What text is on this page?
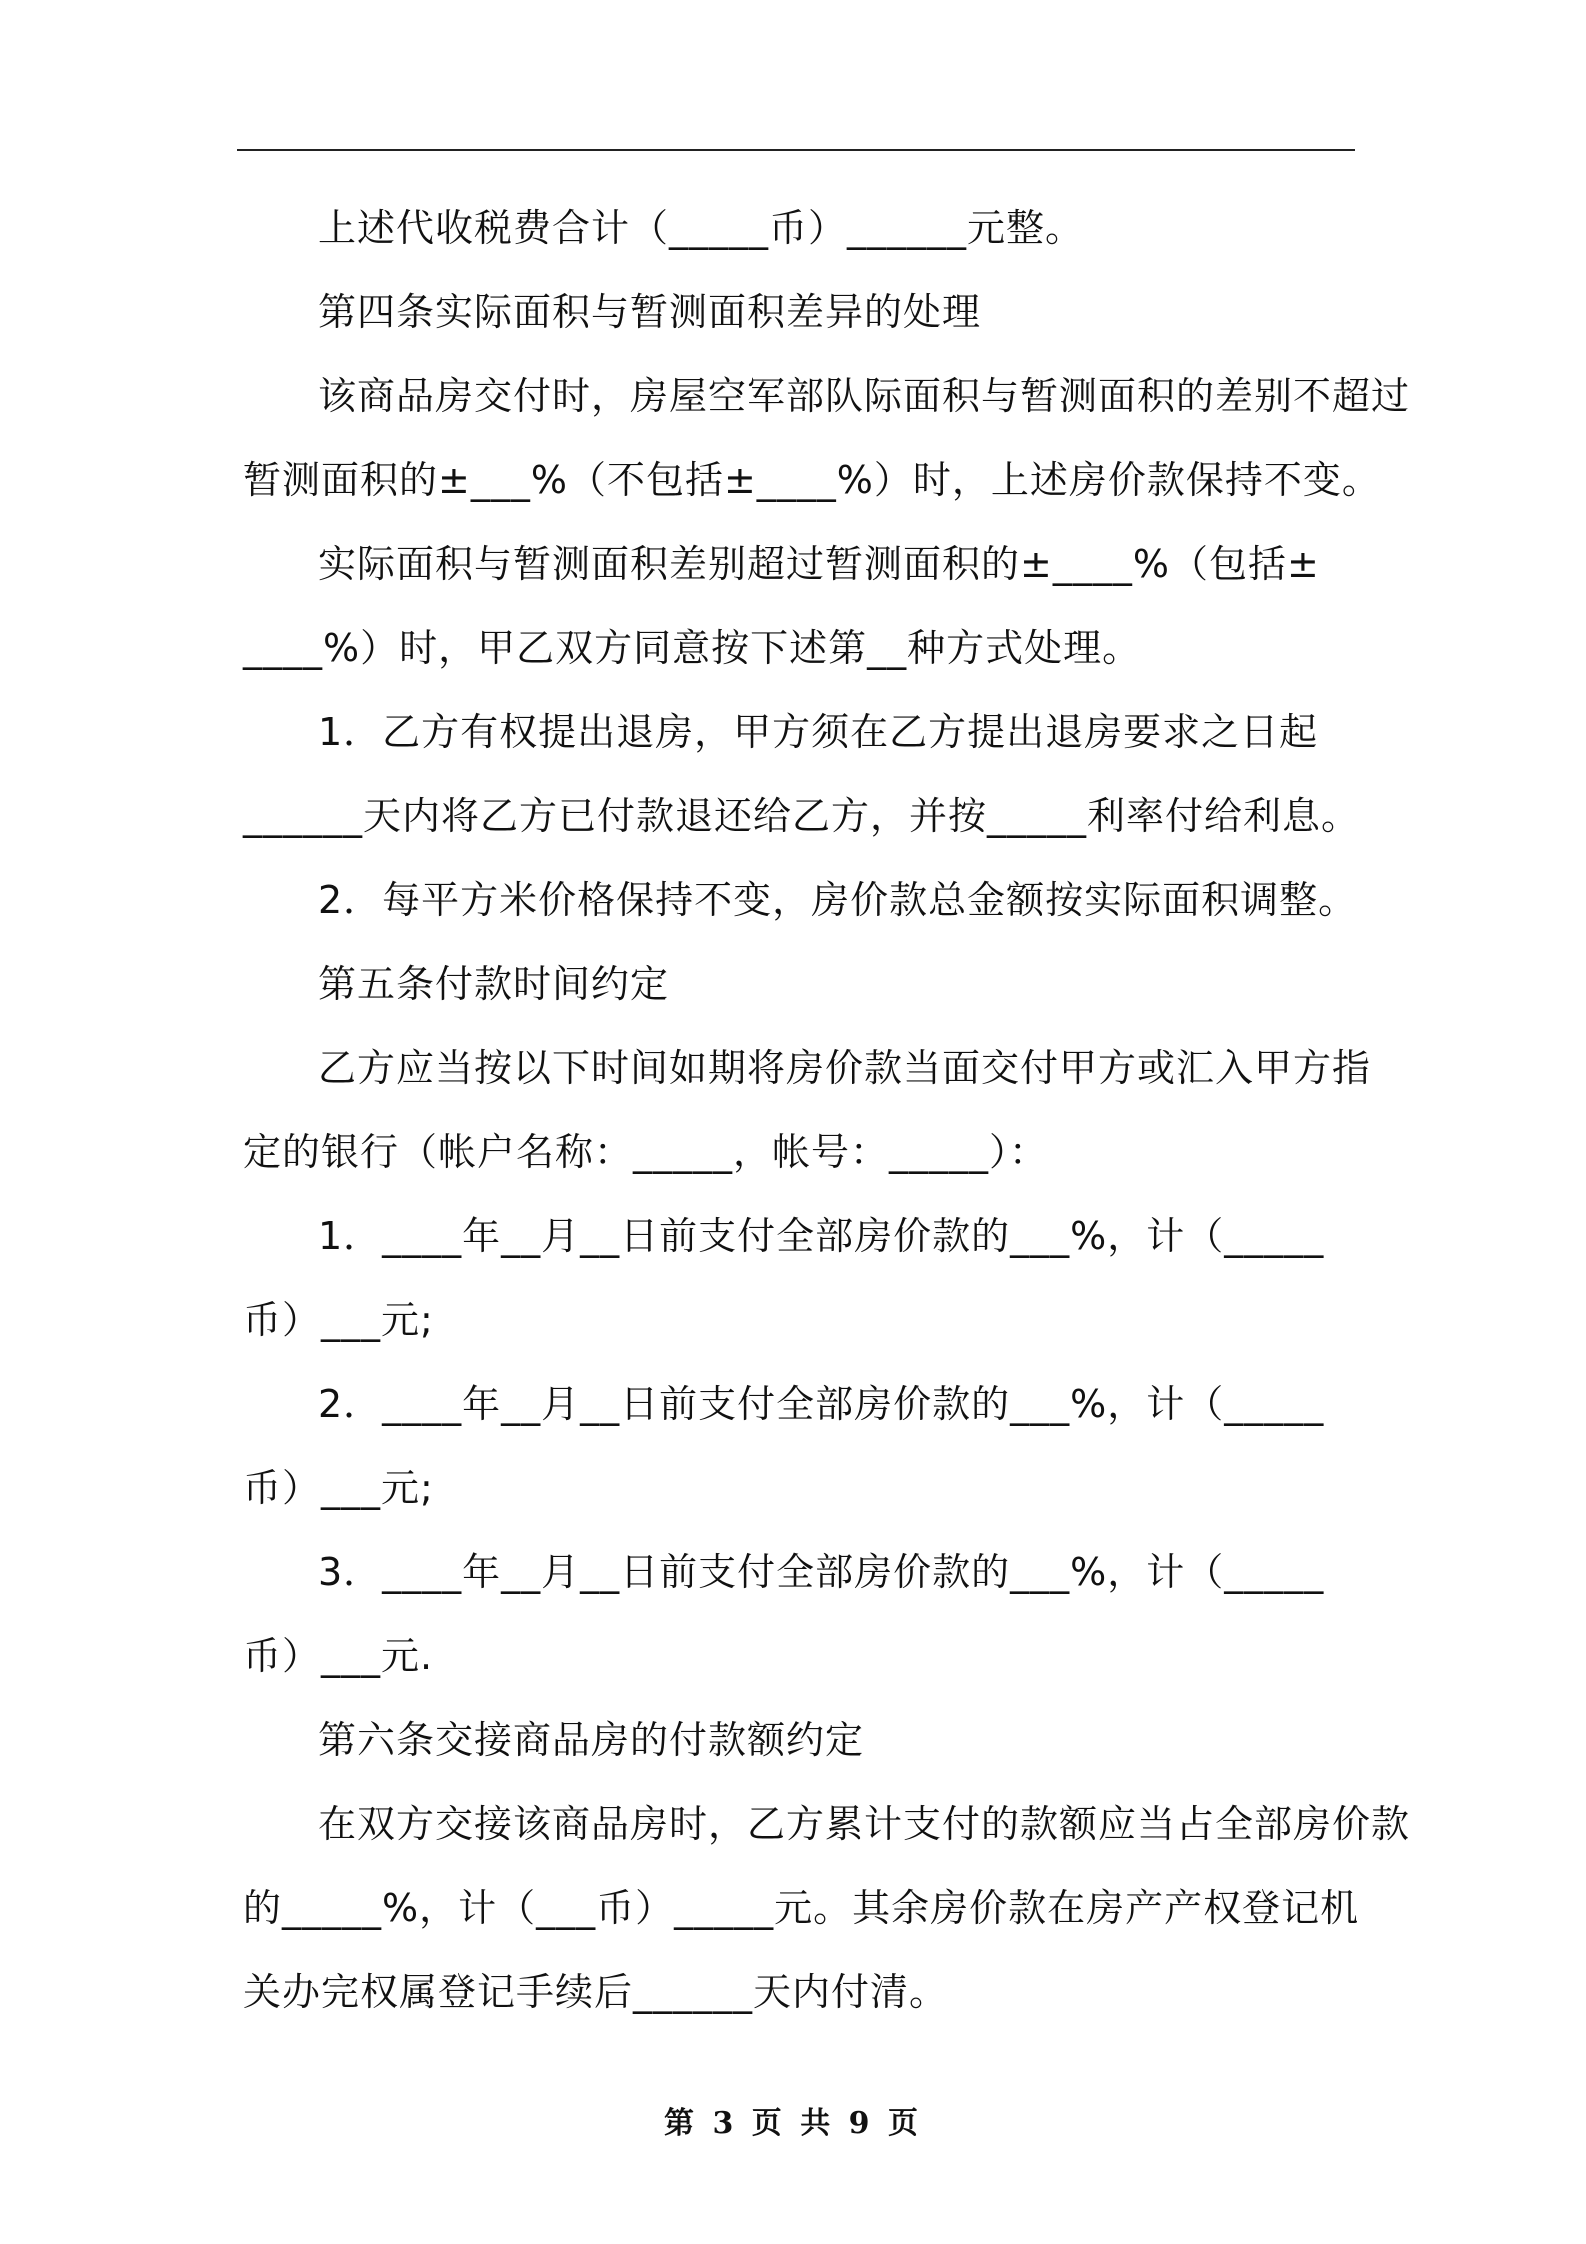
上述代收税费合计（_____币）______元整。
第四条实际面积与暂测面积差异的处理
该商品房交付时，房屋空军部队际面积与暂测面积的差别不超过
暂测面积的±___%（不包括±____%）时，上述房价款保持不变。
实际面积与暂测面积差别超过暂测面积的±____%（包括±
____%）时，甲乙双方同意按下述第__种方式处理。
1．乙方有权提出退房，甲方须在乙方提出退房要求之日起
______天内将乙方已付款退还给乙方，并按_____利率付给利息。
2．每平方米价格保持不变，房价款总金额按实际面积调整。
第五条付款时间约定
乙方应当按以下时间如期将房价款当面交付甲方或汇入甲方指
定的银行（帐户名称：_____，帐号：_____）：
1．____年__月__日前支付全部房价款的___%，计（_____
币）___元;
2．____年__月__日前支付全部房价款的___%，计（_____
币）___元;
3．____年__月__日前支付全部房价款的___%，计（_____
币）___元.
第六条交接商品房的付款额约定
在双方交接该商品房时，乙方累计支付的款额应当占全部房价款
的_____%，计（___币）_____元。其余房价款在房产产权登记机
关办完权属登记手续后______天内付清。
第 3 页 共 9 页
